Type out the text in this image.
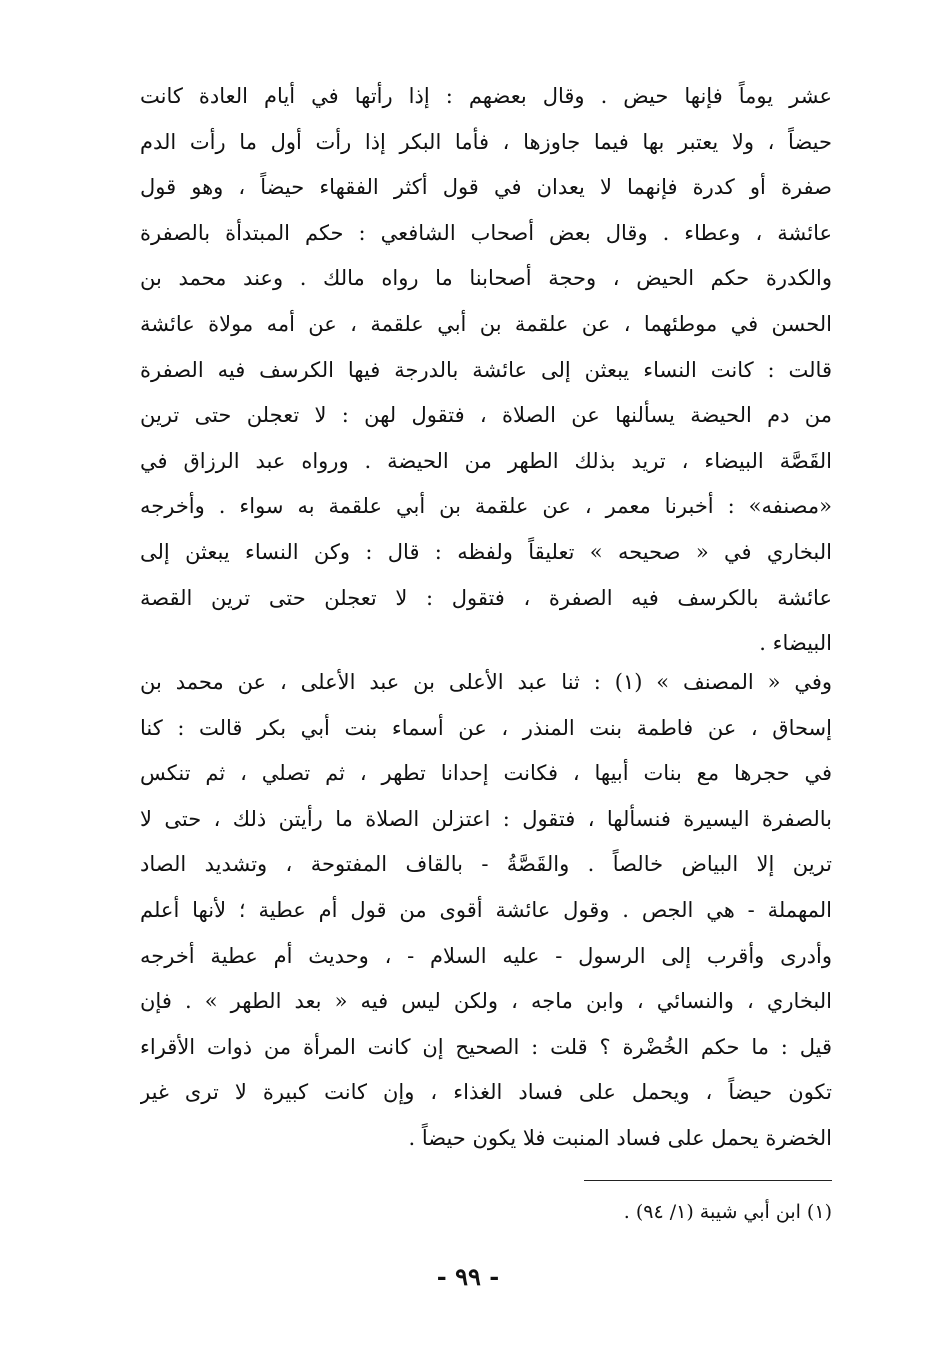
عشر يوماً فإنها حيض . وقال بعضهم : إذا رأتها في أيام العادة كانت
حيضاً ، ولا يعتبر بها فيما جاوزها ، فأما البكر إذا رأت أول ما رأت الدم
صفرة أو كدرة فإنهما لا يعدان في قول أكثر الفقهاء حيضاً ، وهو قول
عائشة ، وعطاء . وقال بعض أصحاب الشافعي : حكم المبتدأة بالصفرة
والكدرة حكم الحيض ، وحجة أصحابنا ما رواه مالك . وعند محمد بن
الحسن في موطئهما ، عن علقمة بن أبي علقمة ، عن أمه مولاة عائشة
قالت : كانت النساء يبعثن إلى عائشة بالدرجة فيها الكرسف فيه الصفرة
من دم الحيضة يسألنها عن الصلاة ، فتقول لهن : لا تعجلن حتى ترين
القَصَّة البيضاء ، تريد بذلك الطهر من الحيضة . ورواه عبد الرزاق في
«مصنفه» : أخبرنا معمر ، عن علقمة بن أبي علقمة به سواء . وأخرجه
البخاري في « صحيحه » تعليقاً ولفظه : قال : وكن النساء يبعثن إلى
عائشة بالكرسف فيه الصفرة ، فتقول : لا تعجلن حتى ترين القصة
البيضاء .
وفي « المصنف » (١) : ثنا عبد الأعلى بن عبد الأعلى ، عن محمد بن
إسحاق ، عن فاطمة بنت المنذر ، عن أسماء بنت أبي بكر قالت : كنا
في حجرها مع بنات أبيها ، فكانت إحدانا تطهر ، ثم تصلي ، ثم تنكس
بالصفرة اليسيرة فنسألها ، فتقول : اعتزلن الصلاة ما رأيتن ذلك ، حتى لا
ترين إلا البياض خالصاً . والقَصَّةُ - بالقاف المفتوحة ، وتشديد الصاد
المهملة - هي الجص . وقول عائشة أقوى من قول أم عطية ؛ لأنها أعلم
وأدرى وأقرب إلى الرسول - عليه السلام - ، وحديث أم عطية أخرجه
البخاري ، والنسائي ، وابن ماجه ، ولكن ليس فيه « بعد الطهر » . فإن
قيل : ما حكم الخُضْرة ؟ قلت : الصحيح إن كانت المرأة من ذوات الأقراء
تكون حيضاً ، ويحمل على فساد الغذاء ، وإن كانت كبيرة لا ترى غير
الخضرة يحمل على فساد المنبت فلا يكون حيضاً .
(١) ابن أبي شيبة (١/ ٩٤) .
- ٩٩ -
